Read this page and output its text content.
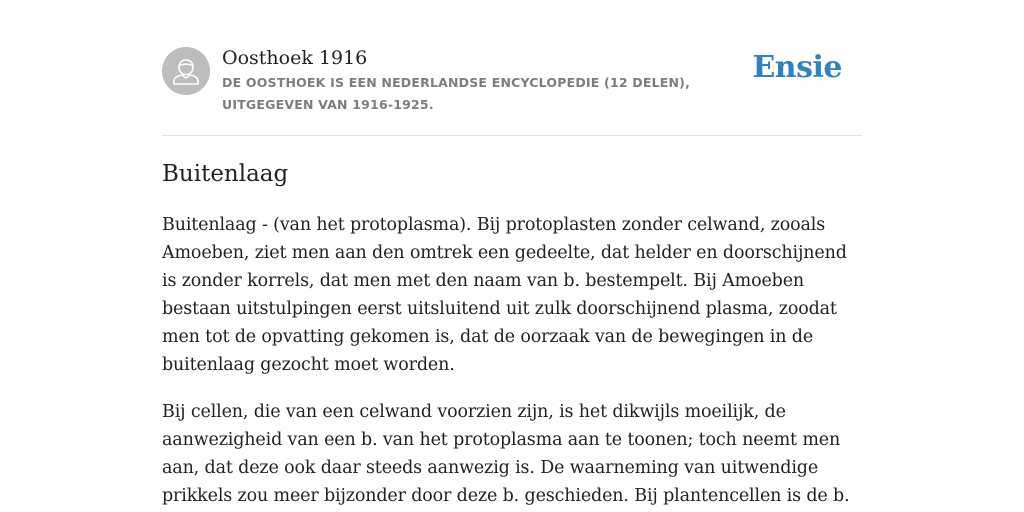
Oosthoek 1916

DE OOSTHOEK IS EEN NEDERLANDSE ENCYCLOPEDIE (12 DELEN), UITGEGEVEN VAN 1916-1925.

Ensie

Buitenlaag

Buitenlaag - (van het protoplasma). Bij protoplasten zonder celwand, zooals Amoeben, ziet men aan den omtrek een gedeelte, dat helder en doorschijnend is zonder korrels, dat men met den naam van b. bestempelt. Bij Amoeben bestaan uitstulpingen eerst uitsluitend uit zulk doorschijnend plasma, zoodat men tot de opvatting gekomen is, dat de oorzaak van de bewegingen in de buitenlaag gezocht moet worden.

Bij cellen, die van een celwand voorzien zijn, is het dikwijls moeilijk, de aanwezigheid van een b. van het protoplasma aan te toonen; toch neemt men aan, dat deze ook daar steeds aanwezig is. De waarneming van uitwendige prikkels zou meer bijzonder door deze b. geschieden. Bij plantencellen is de b.
